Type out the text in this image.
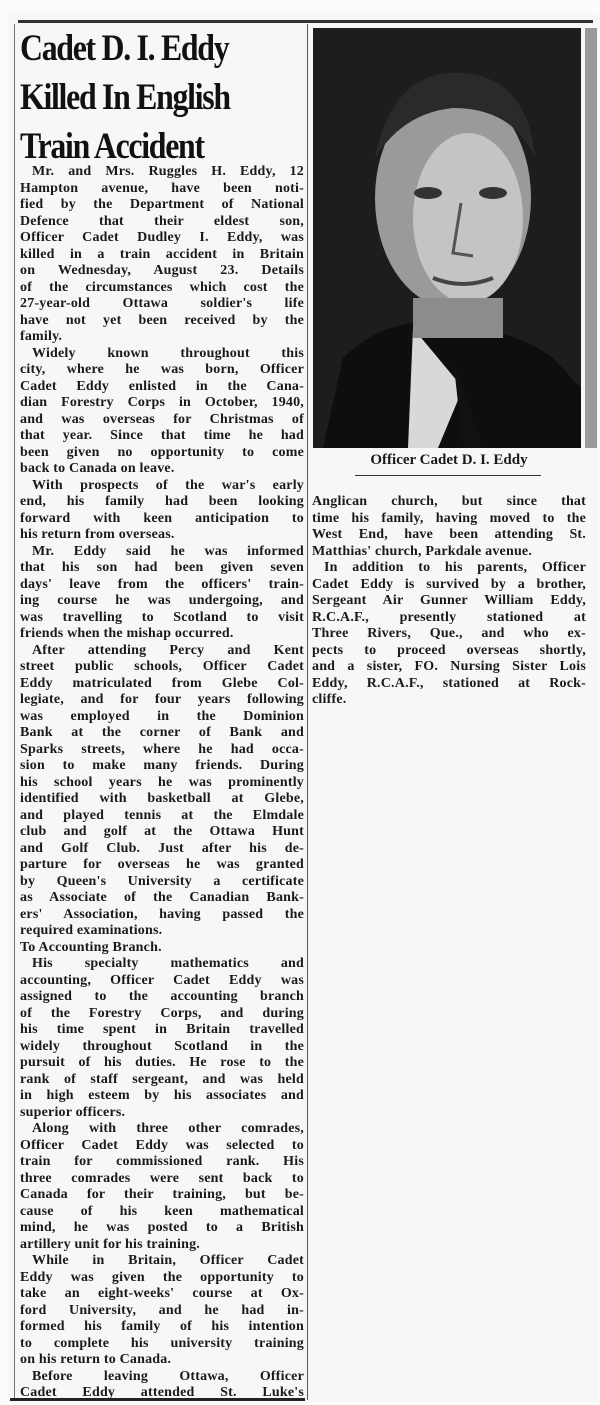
Cadet D. I. Eddy
Killed In English
Train Accident
Officer Cadet D. I. Eddy
Mr. and Mrs. Ruggles H. Eddy, 12
Hampton avenue, have been noti-
fied by the Department of National
Defence that their eldest son,
Officer Cadet Dudley I. Eddy, was
killed in a train accident in Britain
on Wednesday, August 23. Details
of the circumstances which cost the
27-year-old Ottawa soldier's life
have not yet been received by the
family.
Widely known throughout this
city, where he was born, Officer
Cadet Eddy enlisted in the Cana-
dian Forestry Corps in October, 1940,
and was overseas for Christmas of
that year. Since that time he had
been given no opportunity to come
back to Canada on leave.
With prospects of the war's early
end, his family had been looking
forward with keen anticipation to
his return from overseas.
Mr. Eddy said he was informed
that his son had been given seven
days' leave from the officers' train-
ing course he was undergoing, and
was travelling to Scotland to visit
friends when the mishap occurred.
After attending Percy and Kent
street public schools, Officer Cadet
Eddy matriculated from Glebe Col-
legiate, and for four years following
was employed in the Dominion
Bank at the corner of Bank and
Sparks streets, where he had occa-
sion to make many friends. During
his school years he was prominently
identified with basketball at Glebe,
and played tennis at the Elmdale
club and golf at the Ottawa Hunt
and Golf Club. Just after his de-
parture for overseas he was granted
by Queen's University a certificate
as Associate of the Canadian Bank-
ers' Association, having passed the
required examinations.
To Accounting Branch.
His specialty mathematics and
accounting, Officer Cadet Eddy was
assigned to the accounting branch
of the Forestry Corps, and during
his time spent in Britain travelled
widely throughout Scotland in the
pursuit of his duties. He rose to the
rank of staff sergeant, and was held
in high esteem by his associates and
superior officers.
Along with three other comrades,
Officer Cadet Eddy was selected to
train for commissioned rank. His
three comrades were sent back to
Canada for their training, but be-
cause of his keen mathematical
mind, he was posted to a British
artillery unit for his training.
While in Britain, Officer Cadet
Eddy was given the opportunity to
take an eight-weeks' course at Ox-
ford University, and he had in-
formed his family of his intention
to complete his university training
on his return to Canada.
Before leaving Ottawa, Officer
Cadet Eddy attended St. Luke's
Anglican church, but since that
time his family, having moved to the
West End, have been attending St.
Matthias' church, Parkdale avenue.
In addition to his parents, Officer
Cadet Eddy is survived by a brother,
Sergeant Air Gunner William Eddy,
R.C.A.F., presently stationed at
Three Rivers, Que., and who ex-
pects to proceed overseas shortly,
and a sister, FO. Nursing Sister Lois
Eddy, R.C.A.F., stationed at Rock-
cliffe.
